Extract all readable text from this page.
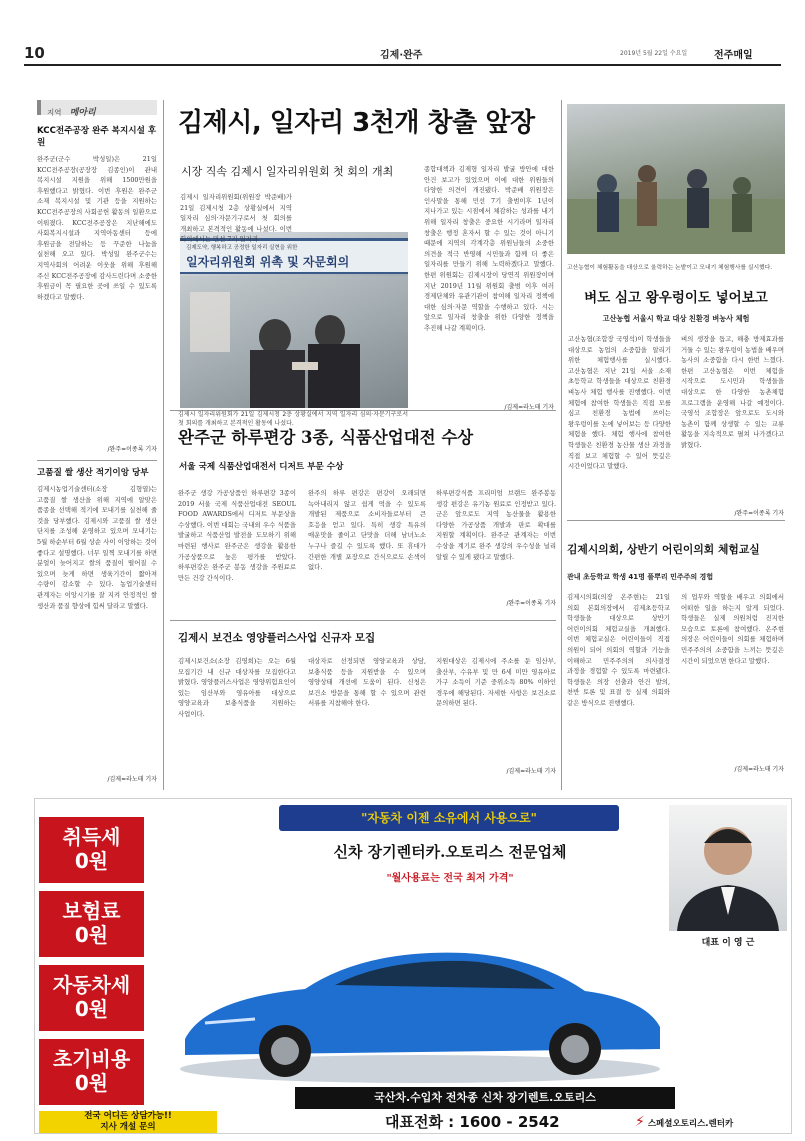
10	김제·완주	2019년 5월 22일 수요일	전주매일
지역 메아리
KCC전주공장 완주 복지시설 후원
완주군(군수 박성일)은 21일 KCC전주공장(공장장 김종인)이 관내 복지시설 지원을 위해 1500만원을 후원했다고 밝혔다. 이번 후원은 완주군 소재 복지시설 및 기관 등을 지원하는 KCC전주공장의 사회공헌 활동의 일환으로 이뤄졌다. KCC전주공장은 지난해에도 사회복지시설과 지역아동센터 등에 후원금을 전달하는 등 꾸준한 나눔을 실천해 오고 있다. 박성일 완주군수는 지역사회의 어려운 이웃을 위해 후원해 주신 KCC전주공장에 감사드린다며 소중한 후원금이 꼭 필요한 곳에 쓰일 수 있도록 하겠다고 말했다.
/완주=이종록 기자
고품질 쌀 생산 적기이앙 당부
김제시농업기술센터(소장 김형열)는 고품질 쌀 생산을 위해 지역에 알맞은 품종을 선택해 적기에 모내기를 실천해 줄 것을 당부했다. 김제시와 고품질 쌀 생산 단지를 조성해 운영하고 있으며 모내기는 5월 하순부터 6월 상순 사이 이앙하는 것이 좋다고 설명했다. 너무 일찍 모내기를 하면 분얼이 늦어지고 쌀의 품질이 떨어질 수 있으며 늦게 하면 생육기간이 짧아져 수량이 감소할 수 있다. 농업기술센터 관계자는 이앙시기를 잘 지켜 안정적인 쌀 생산과 품질 향상에 힘써 달라고 말했다.
/김제=라노태 기자
김제시, 일자리 3천개 창출 앞장
시장 직속 김제시 일자리위원회 첫 회의 개최
김제도약, 행복하고 공정한 일자리 실현을 위한
일자리위원회 위촉 및 자문회의
김제시 일자리위원회가 21일 김제시청 2층 상황실에서 지역 일자리 심의·자문기구로서 첫 회의를 개최하고 본격적인 활동에 나섰다.
김제시 일자리위원회(위원장 박준배)가 21일 김제시청 2층 상황실에서 지역 일자리 심의·자문기구로서 첫 회의를 개최하고 본격적인 활동에 나섰다. 이번 회의에서는 민선 7기 일자리
종합대책과 김제형 일자리 발굴 방안에 대한 안건 보고가 있었으며 이에 대한 위원들의 다양한 의견이 개진됐다. 박준배 위원장은 인사말을 통해 민선 7기 출범이후 1년이 지나가고 있는 시점에서 체감하는 성과를 내기 위해 일자리 창출은 중요한 시기라며 일자리 창출은 행정 혼자서 할 수 있는 것이 아니기 때문에 지역의 각계각층 위원님들의 소중한 의견을 적극 반영해 시민들과 함께 더 좋은 일자리를 만들기 위해 노력하겠다고 말했다. 한편 위원회는 김제시장이 당연직 위원장이며 지난 2019년 11월 위원회 출범 이후 여러 경제단체와 유관기관이 참여해 일자리 정책에 대한 심의·자문 역할을 수행하고 있다. 시는 앞으로 일자리 창출을 위한 다양한 정책을 추진해 나갈 계획이다.
/김제=라노태 기자
고산농협이 체험활동을 대상으로 울력하는 논밭이고 모내기 체험행사를 실시했다.
벼도 심고 왕우렁이도 넣어보고
고산농협 서울시 학교 대상 친환경 벼농사 체험
고산농협(조합장 국영석)이 학생들을 대상으로 농업의 소중함을 알리기 위한 체험행사를 실시했다. 고산농협은 지난 21일 서울 소재 초등학교 학생들을 대상으로 친환경 벼농사 체험 행사를 진행했다. 이번 체험에 참여한 학생들은 직접 모를 심고 친환경 농법에 쓰이는 왕우렁이를 논에 넣어보는 등 다양한 체험을 했다. 체험 행사에 참여한 학생들은 친환경 농산물 생산 과정을 직접 보고 체험할 수 있어 뜻깊은 시간이었다고 말했다.
벼의 생장을 돕고, 해충 방제효과를 거둘 수 있는 왕우렁이 농법을 배우며 농사의 소중함을 다시 한번 느꼈다. 한편 고산농협은 이번 체험을 시작으로 도시민과 학생들을 대상으로 한 다양한 농촌체험 프로그램을 운영해 나갈 예정이다. 국영석 조합장은 앞으로도 도시와 농촌이 함께 상생할 수 있는 교류 활동을 지속적으로 펼쳐 나가겠다고 밝혔다.
/완주=이종록 기자
완주군 하루편강 3종, 식품산업대전 수상
서울 국제 식품산업대전서 디저트 부문 수상
완주군 생강 가공상품인 하루편강 3종이 2019 서울 국제 식품산업대전 SEOUL FOOD AWARDS에서 디저트 부문상을 수상했다. 이번 대회는 국내외 우수 식품을 발굴하고 식품산업 발전을 도모하기 위해 마련된 행사로 완주군은 생강을 활용한 가공상품으로 높은 평가를 받았다. 하루편강은 완주군 봉동 생강을 주원료로 만든 건강 간식이다.
완주의 하루 편강은 편강이 오래되면 녹아내리지 않고 쉽게 먹을 수 있도록 개발된 제품으로 소비자들로부터 큰 호응을 얻고 있다. 특히 생강 특유의 매운맛을 줄이고 단맛을 더해 남녀노소 누구나 즐길 수 있도록 했다. 또 휴대가 간편한 개별 포장으로 간식으로도 손색이 없다.
하루편강식품 프리미엄 브랜드 완주봉동 생강 편강은 유기농 원료로 인정받고 있다. 군은 앞으로도 지역 농산물을 활용한 다양한 가공상품 개발과 판로 확대를 지원할 계획이다. 완주군 관계자는 이번 수상을 계기로 완주 생강의 우수성을 널리 알릴 수 있게 됐다고 말했다.
/완주=이종록 기자
김제시 보건소 영양플러스사업 신규자 모집
김제시보건소(소장 김영희)는 오는 6월 모집기간 내 신규 대상자를 모집한다고 밝혔다. 영양플러스사업은 영양위험요인이 있는 임산부와 영유아를 대상으로 영양교육과 보충식품을 지원하는 사업이다.
대상자로 선정되면 영양교육과 상담, 보충식품 등을 지원받을 수 있으며 영양상태 개선에 도움이 된다. 신청은 보건소 방문을 통해 할 수 있으며 관련 서류를 지참해야 한다.
지원대상은 김제시에 주소를 둔 임산부, 출산부, 수유부 및 만 6세 미만 영유아로 가구 소득이 기준 중위소득 80% 이하인 경우에 해당된다. 자세한 사항은 보건소로 문의하면 된다.
/김제=라노태 기자
김제시의회, 상반기 어린이의회 체험교실
관내 초등학교 학생 41명 풀뿌리 민주주의 경험
김제시의회(의장 온주현)는 21일 의회 본회의장에서 김제초등학교 학생들을 대상으로 상반기 어린이의회 체험교실을 개최했다. 이번 체험교실은 어린이들이 직접 의원이 되어 의회의 역할과 기능을 이해하고 민주주의의 의사결정 과정을 경험할 수 있도록 마련됐다. 학생들은 의장 선출과 안건 발의, 찬반 토론 및 표결 등 실제 의회와 같은 방식으로 진행했다.
의 업무와 역할을 배우고 의회에서 어떠한 일을 하는지 알게 되었다. 학생들은 실제 의원처럼 진지한 모습으로 토론에 참여했다. 온주현 의장은 어린이들이 의회를 체험하며 민주주의의 소중함을 느끼는 뜻깊은 시간이 되었으면 한다고 말했다.
/김제=라노태 기자
취득세
0원
보험료
0원
자동차세
0원
초기비용
0원
"자동차 이젠 소유에서 사용으로"
신차 장기렌터카.오토리스 전문업체
"월사용료는 전국 최저 가격"
대표 이 영 근
국산차.수입차 전차종 신차 장기렌트.오토리스
전국 어디든 상담가능!!
지사 개설 문의	대표전화 : 1600 - 2542	⚡ 스페셜오토리스.렌터카
